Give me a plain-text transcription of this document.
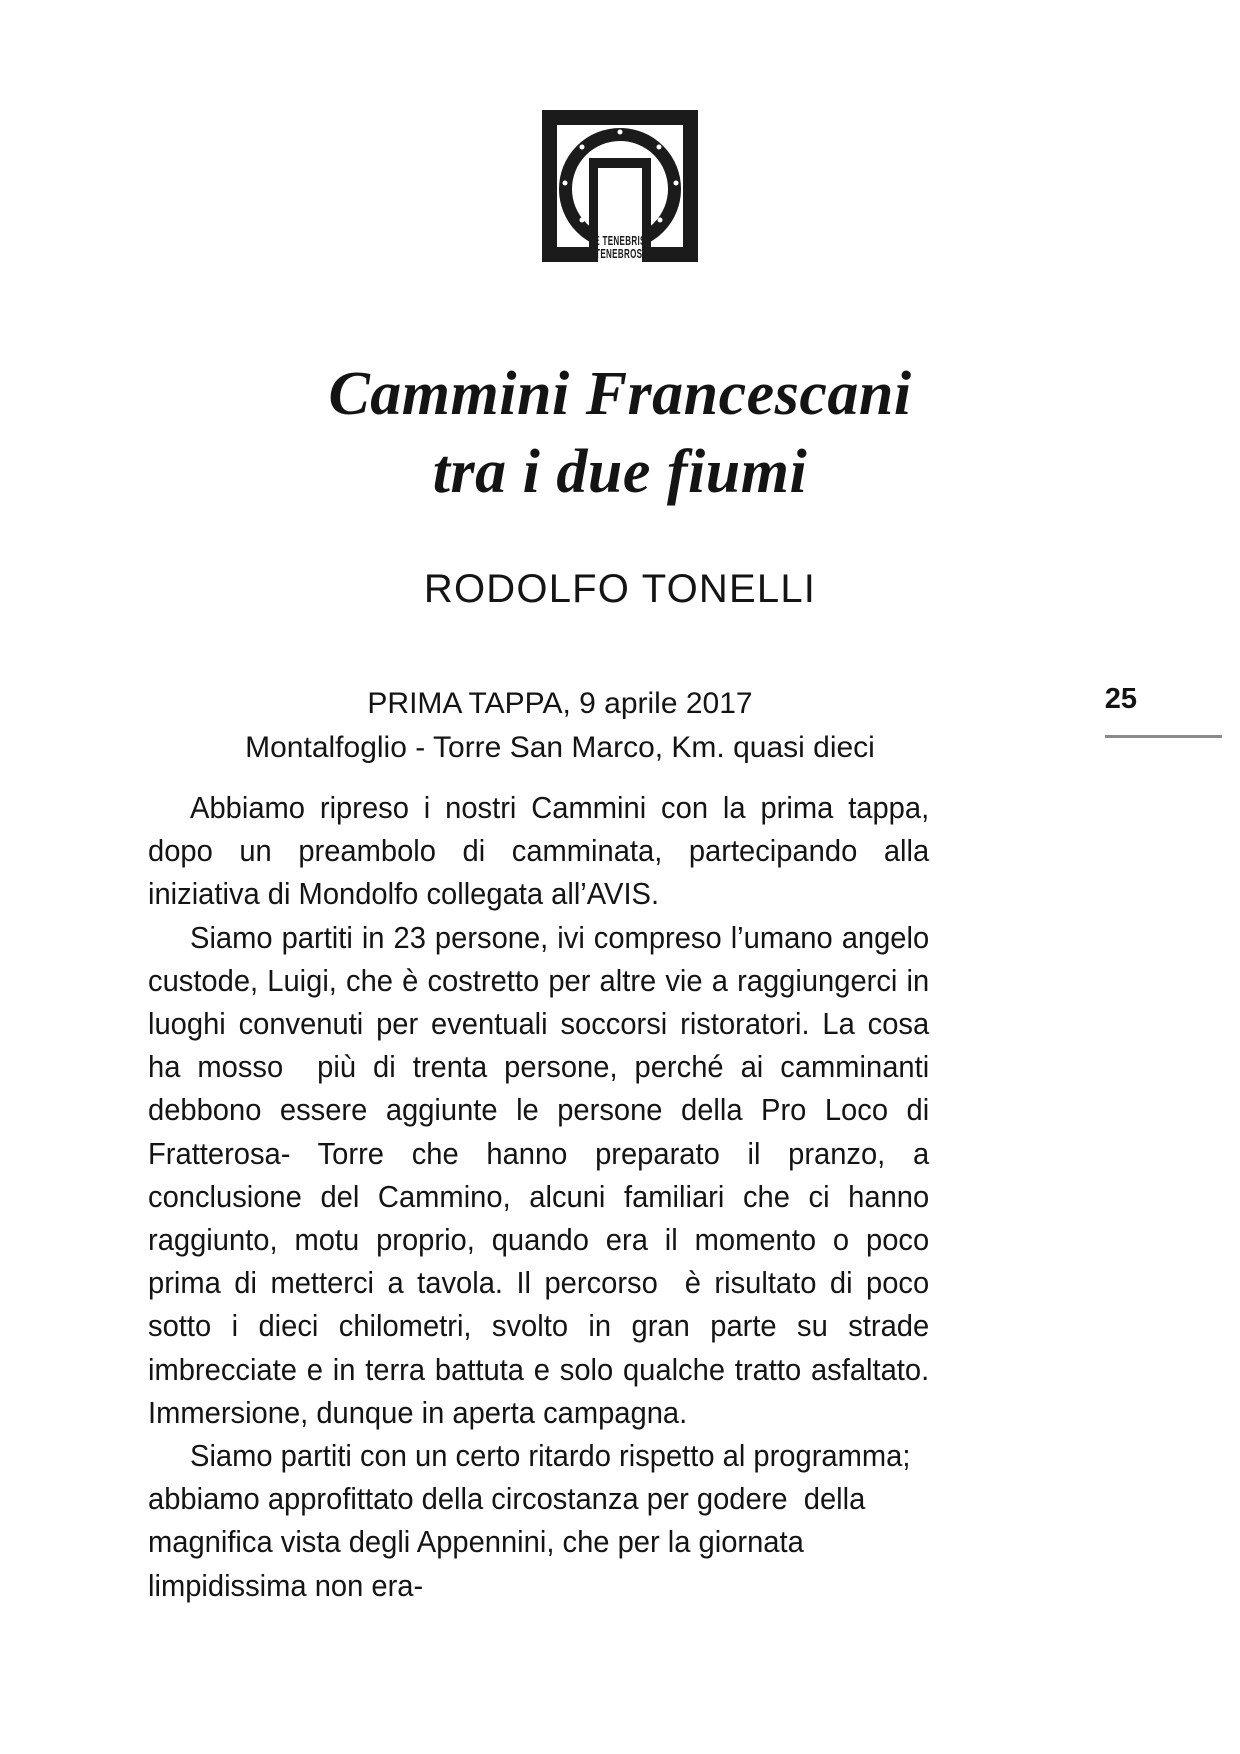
E TENEBRIS
TENEBROSI
Cammini Francescani
tra i due fiumi
RODOLFO TONELLI
25
PRIMA TAPPA, 9 aprile 2017
Montalfoglio - Torre San Marco, Km. quasi dieci

Abbiamo ripreso i nostri Cammini con la prima tappa, dopo un preambolo di camminata, partecipando alla iniziativa di Mondolfo collegata all’AVIS.

Siamo partiti in 23 persone, ivi compreso l’umano angelo custode, Luigi, che è costretto per altre vie a raggiungerci in luoghi convenuti per eventuali soccorsi ristoratori. La cosa ha mosso  più di trenta persone, perché ai camminanti debbono essere aggiunte le persone della Pro Loco di Fratterosa- Torre che hanno preparato il pranzo, a conclusione del Cammino, alcuni familiari che ci hanno raggiunto, motu proprio, quando era il momento o poco prima di metterci a tavola. Il percorso  è risultato di poco sotto i dieci chilometri, svolto in gran parte su strade imbrecciate e in terra battuta e solo qualche tratto asfaltato. Immersione, dunque in aperta campagna.

Siamo partiti con un certo ritardo rispetto al programma; abbiamo approfittato della circostanza per godere  della magnifica vista degli Appennini, che per la giornata limpidissima non era-
